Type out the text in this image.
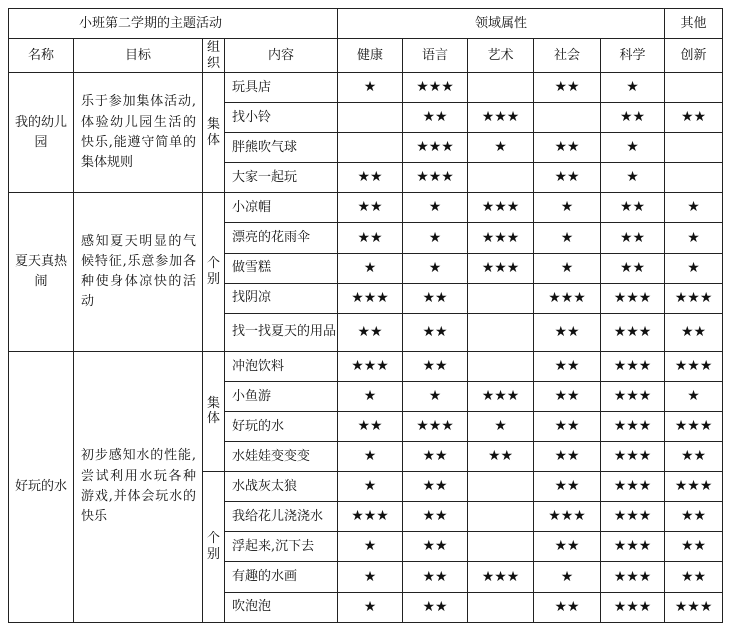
小班第二学期的主题活动				领域属性					其他
名称	目标	组织	内容	健康	语言	艺术	社会	科学	创新
我的幼儿园	乐于参加集体活动,体验幼儿园生活的快乐,能遵守简单的集体规则	集体	玩具店	★	★★★		★★	★	
			找小铃		★★	★★★		★★	★★
			胖熊吹气球		★★★	★	★★	★	
			大家一起玩	★★	★★★		★★	★	
夏天真热闹	感知夏天明显的气候特征,乐意参加各种使身体凉快的活动	个别	小凉帽	★★	★	★★★	★	★★	★
			漂亮的花雨伞	★★	★	★★★	★	★★	★
			做雪糕	★	★	★★★	★	★★	★
			找阴凉	★★★	★★		★★★	★★★	★★★
			找一找夏天的用品	★★	★★		★★	★★★	★★
好玩的水	初步感知水的性能,尝试利用水玩各种游戏,并体会玩水的快乐	集体	冲泡饮料	★★★	★★		★★	★★★	★★★
			小鱼游	★	★	★★★	★★	★★★	★
			好玩的水	★★	★★★	★	★★	★★★	★★★
			水娃娃变变变	★	★★	★★	★★	★★★	★★
		个别	水战灰太狼	★	★★		★★	★★★	★★★
			我给花儿浇浇水	★★★	★★		★★★	★★★	★★
			浮起来,沉下去	★	★★		★★	★★★	★★
			有趣的水画	★	★★	★★★	★	★★★	★★
			吹泡泡	★	★★		★★	★★★	★★★
